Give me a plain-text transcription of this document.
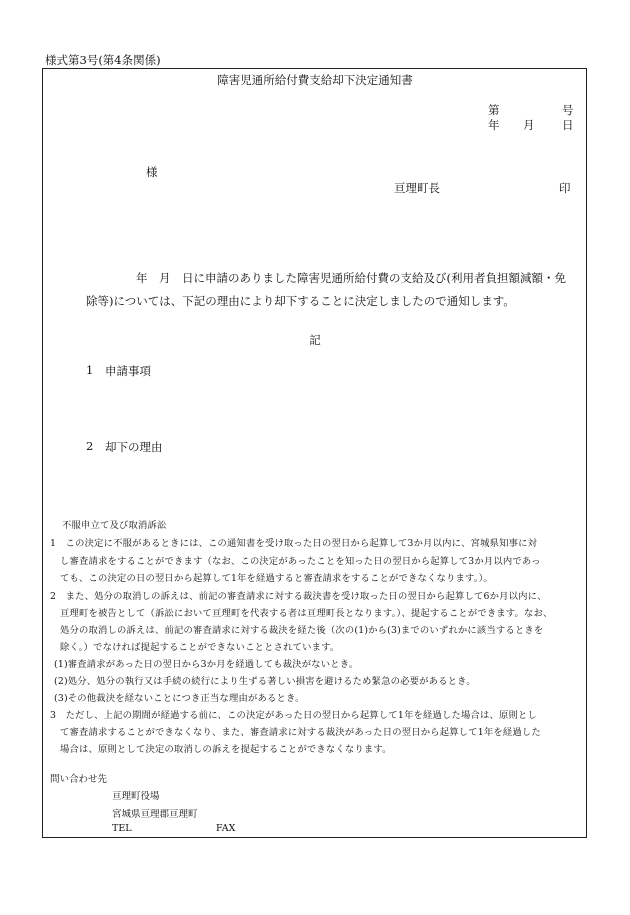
様式第3号(第4条関係)
障害児通所給付費支給却下決定通知書
第	号
年 月 日
様
亘理町長	印
年　月　日に申請のありました障害児通所給付費の支給及び(利用者負担額減額・免
除等)については、下記の理由により却下することに決定しましたので通知します。
記
1 申請事項
2 却下の理由
不服申立て及び取消訴訟
1　この決定に不服があるときには、この通知書を受け取った日の翌日から起算して3か月以内に、宮城県知事に対
し審査請求をすることができます（なお、この決定があったことを知った日の翌日から起算して3か月以内であっ
ても、この決定の日の翌日から起算して1年を経過すると審査請求をすることができなくなります。）。
2　また、処分の取消しの訴えは、前記の審査請求に対する裁決書を受け取った日の翌日から起算して6か月以内に、
亘理町を被告として（訴訟において亘理町を代表する者は亘理町長となります。）、提起することができます。なお、
処分の取消しの訴えは、前記の審査請求に対する裁決を経た後（次の(1)から(3)までのいずれかに該当するときを
除く。）でなければ提起することができないこととされています。
(1)審査請求があった日の翌日から3か月を経過しても裁決がないとき。
(2)処分、処分の執行又は手続の続行により生ずる著しい損害を避けるため緊急の必要があるとき。
(3)その他裁決を経ないことにつき正当な理由があるとき。
3　ただし、上記の期間が経過する前に、この決定があった日の翌日から起算して1年を経過した場合は、原則とし
て審査請求することができなくなり、また、審査請求に対する裁決があった日の翌日から起算して1年を経過した
場合は、原則として決定の取消しの訴えを提起することができなくなります。
問い合わせ先
亘理町役場
宮城県亘理郡亘理町
TEL	FAX
